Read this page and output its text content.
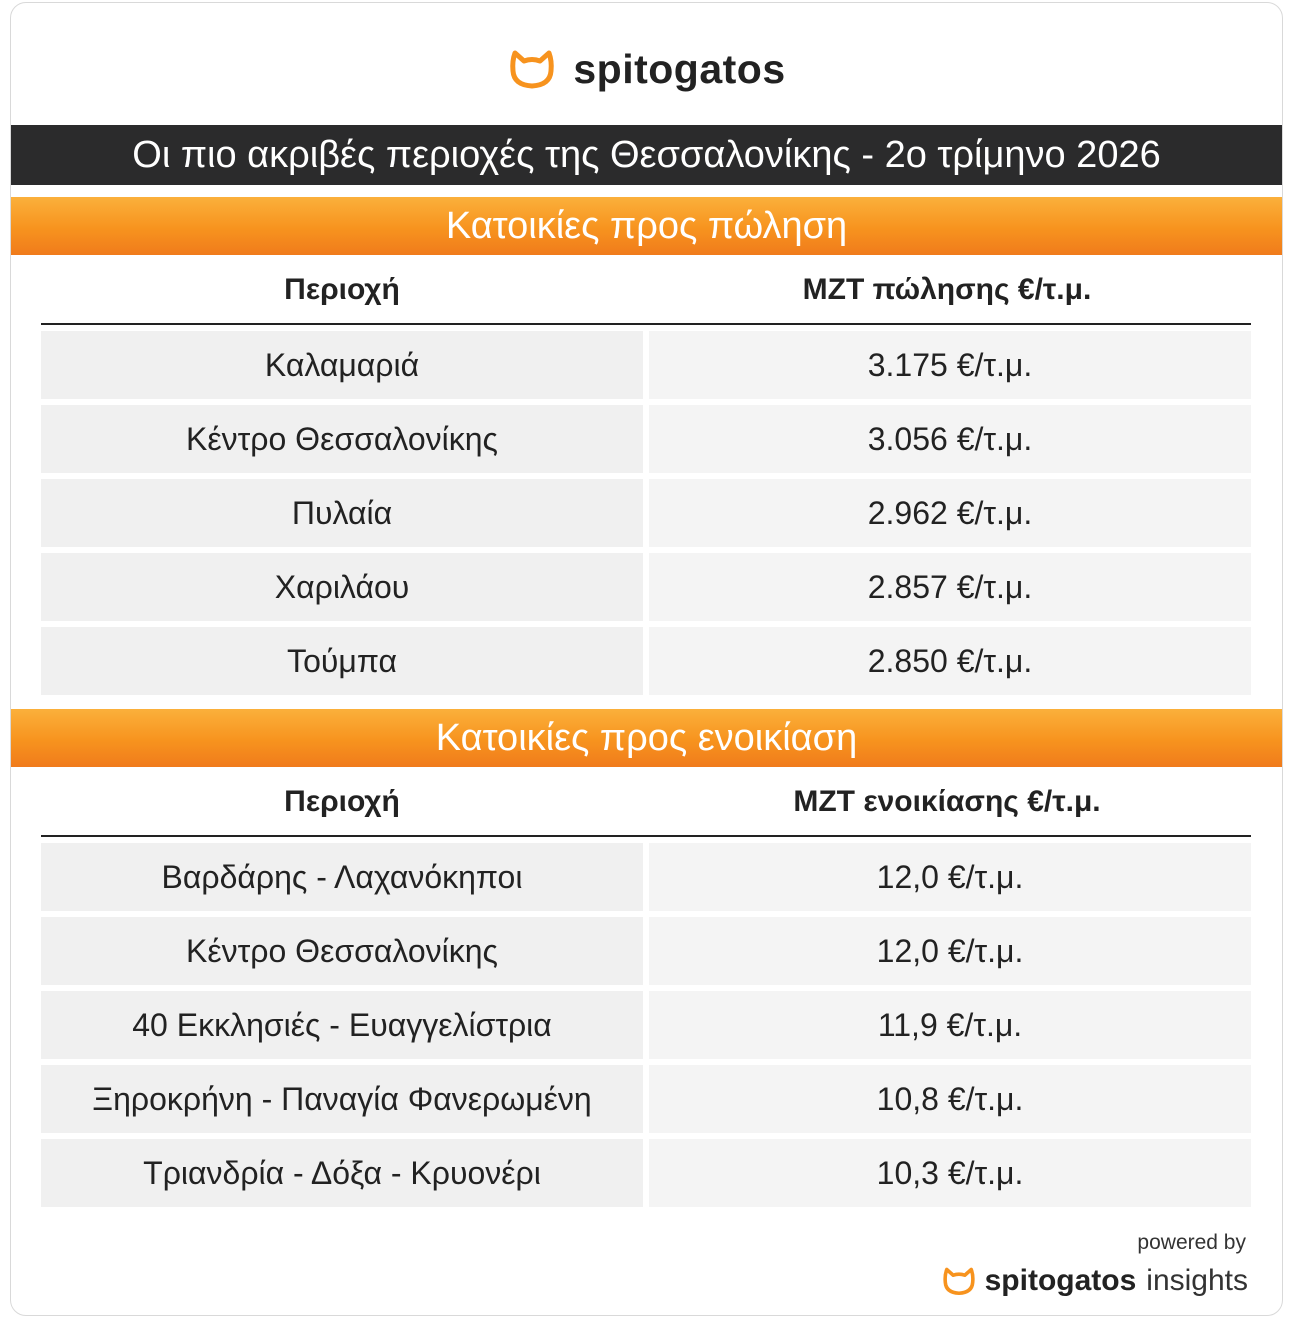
spitogatos
Οι πιο ακριβές περιοχές της Θεσσαλονίκης - 2ο τρίμηνο 2026
Κατοικίες προς πώληση
Περιοχή	ΜΖΤ πώλησης €/τ.μ.
Καλαμαριά	3.175 €/τ.μ.
Κέντρο Θεσσαλονίκης	3.056 €/τ.μ.
Πυλαία	2.962 €/τ.μ.
Χαριλάου	2.857 €/τ.μ.
Τούμπα	2.850 €/τ.μ.
Κατοικίες προς ενοικίαση
Περιοχή	ΜΖΤ ενοικίασης €/τ.μ.
Βαρδάρης - Λαχανόκηποι	12,0 €/τ.μ.
Κέντρο Θεσσαλονίκης	12,0 €/τ.μ.
40 Εκκλησιές - Ευαγγελίστρια	11,9 €/τ.μ.
Ξηροκρήνη - Παναγία Φανερωμένη	10,8 €/τ.μ.
Τριανδρία - Δόξα - Κρυονέρι	10,3 €/τ.μ.
powered by
spitogatos insights
